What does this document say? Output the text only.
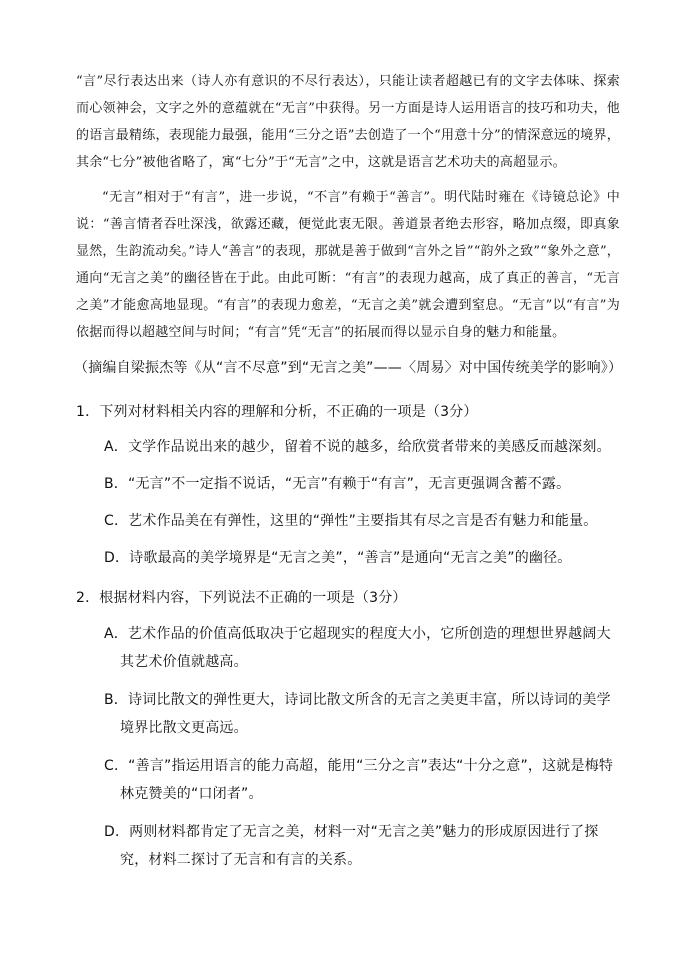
“言”尽行表达出来（诗人亦有意识的不尽行表达），只能让读者超越已有的文字去体味、探索而心领神会，文字之外的意蕴就在“无言”中获得。另一方面是诗人运用语言的技巧和功夫，他的语言最精练，表现能力最强，能用“三分之语”去创造了一个“用意十分”的情深意远的境界，其余“七分”被他省略了，寓“七分”于“无言”之中，这就是语言艺术功夫的高超显示。

“无言”相对于“有言”，进一步说，“不言”有赖于“善言”。明代陆时雍在《诗镜总论》中说：“善言情者吞吐深浅，欲露还藏，便觉此衷无限。善道景者绝去形容，略加点缀，即真象显然，生韵流动矣。”诗人“善言”的表现，那就是善于做到“言外之旨”“韵外之致”“象外之意”，通向“无言之美”的幽径皆在于此。由此可断：“有言”的表现力越高，成了真正的善言，“无言之美”才能愈高地显现。“有言”的表现力愈差，“无言之美”就会遭到窒息。“无言”以“有言”为依据而得以超越空间与时间；“有言”凭“无言”的拓展而得以显示自身的魅力和能量。

（摘编自梁振杰等《从“言不尽意”到“无言之美”——〈周易〉对中国传统美学的影响》）

1．下列对材料相关内容的理解和分析，不正确的一项是（3分）

A．文学作品说出来的越少，留着不说的越多，给欣赏者带来的美感反而越深刻。

B．“无言”不一定指不说话，“无言”有赖于“有言”，无言更强调含蓄不露。

C．艺术作品美在有弹性，这里的“弹性”主要指其有尽之言是否有魅力和能量。

D．诗歌最高的美学境界是“无言之美”，“善言”是通向“无言之美”的幽径。

2．根据材料内容，下列说法不正确的一项是（3分）

A．艺术作品的价值高低取决于它超现实的程度大小，它所创造的理想世界越阔大其艺术价值就越高。

B．诗词比散文的弹性更大，诗词比散文所含的无言之美更丰富，所以诗词的美学境界比散文更高远。

C．“善言”指运用语言的能力高超，能用“三分之言”表达“十分之意”，这就是梅特林克赞美的“口闭者”。

D．两则材料都肯定了无言之美，材料一对“无言之美”魅力的形成原因进行了探究，材料二探讨了无言和有言的关系。
